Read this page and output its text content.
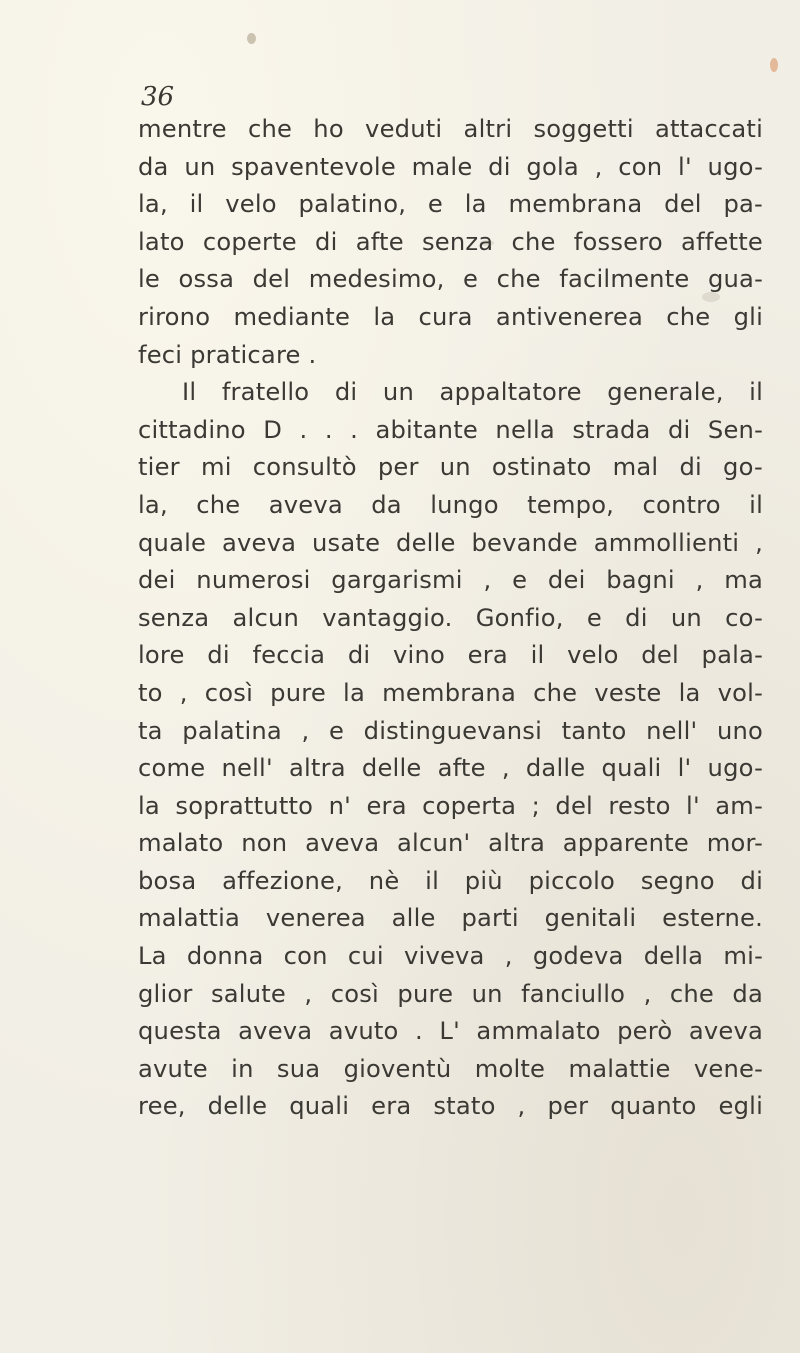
36
mentre che ho veduti altri soggetti attaccati
da un spaventevole male di gola , con l' ugo-
la, il velo palatino, e la membrana del pa-
lato coperte di afte senza che fossero affette
le ossa del medesimo, e che facilmente gua-
rirono mediante la cura antivenerea che gli
feci praticare .
Il fratello di un appaltatore generale, il
cittadino D . . . abitante nella strada di Sen-
tier mi consultò per un ostinato mal di go-
la, che aveva da lungo tempo, contro il
quale aveva usate delle bevande ammollienti ,
dei numerosi gargarismi , e dei bagni , ma
senza alcun vantaggio. Gonfio, e di un co-
lore di feccia di vino era il velo del pala-
to , così pure la membrana che veste la vol-
ta palatina , e distinguevansi tanto nell' uno
come nell' altra delle afte , dalle quali l' ugo-
la soprattutto n' era coperta ; del resto l' am-
malato non aveva alcun' altra apparente mor-
bosa affezione, nè il più piccolo segno di
malattia venerea alle parti genitali esterne.
La donna con cui viveva , godeva della mi-
glior salute , così pure un fanciullo , che da
questa aveva avuto . L' ammalato però aveva
avute in sua gioventù molte malattie vene-
ree, delle quali era stato , per quanto egli
